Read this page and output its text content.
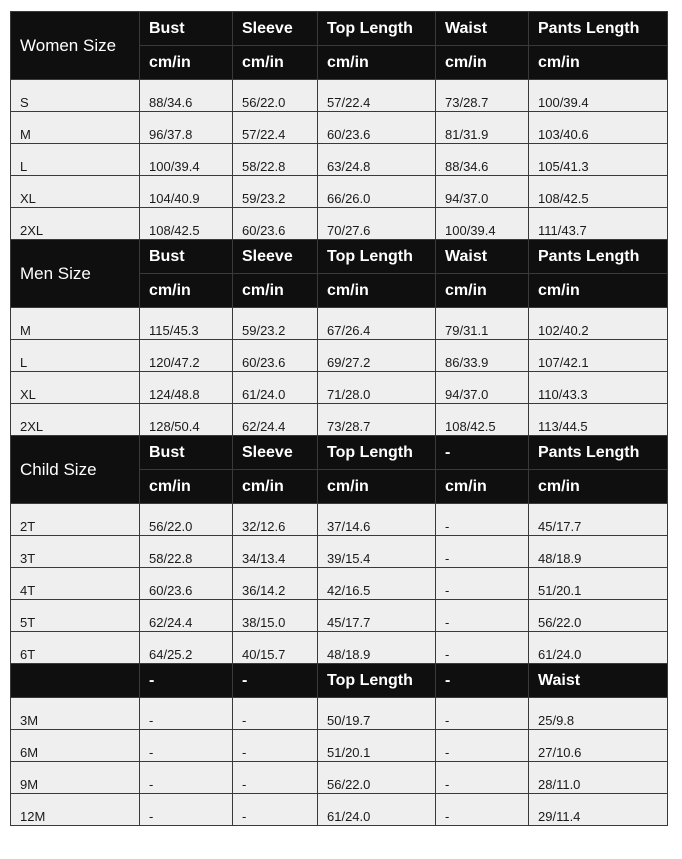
Women Size	Bust	Sleeve	Top Length	Waist	Pants Length
	cm/in	cm/in	cm/in	cm/in	cm/in
S	88/34.6	56/22.0	57/22.4	73/28.7	100/39.4
M	96/37.8	57/22.4	60/23.6	81/31.9	103/40.6
L	100/39.4	58/22.8	63/24.8	88/34.6	105/41.3
XL	104/40.9	59/23.2	66/26.0	94/37.0	108/42.5
2XL	108/42.5	60/23.6	70/27.6	100/39.4	111/43.7
Men Size	Bust	Sleeve	Top Length	Waist	Pants Length
	cm/in	cm/in	cm/in	cm/in	cm/in
M	115/45.3	59/23.2	67/26.4	79/31.1	102/40.2
L	120/47.2	60/23.6	69/27.2	86/33.9	107/42.1
XL	124/48.8	61/24.0	71/28.0	94/37.0	110/43.3
2XL	128/50.4	62/24.4	73/28.7	108/42.5	113/44.5
Child Size	Bust	Sleeve	Top Length	-	Pants Length
	cm/in	cm/in	cm/in	cm/in	cm/in
2T	56/22.0	32/12.6	37/14.6	-	45/17.7
3T	58/22.8	34/13.4	39/15.4	-	48/18.9
4T	60/23.6	36/14.2	42/16.5	-	51/20.1
5T	62/24.4	38/15.0	45/17.7	-	56/22.0
6T	64/25.2	40/15.7	48/18.9	-	61/24.0
	-	-	Top Length	-	Waist
3M	-	-	50/19.7	-	25/9.8
6M	-	-	51/20.1	-	27/10.6
9M	-	-	56/22.0	-	28/11.0
12M	-	-	61/24.0	-	29/11.4
